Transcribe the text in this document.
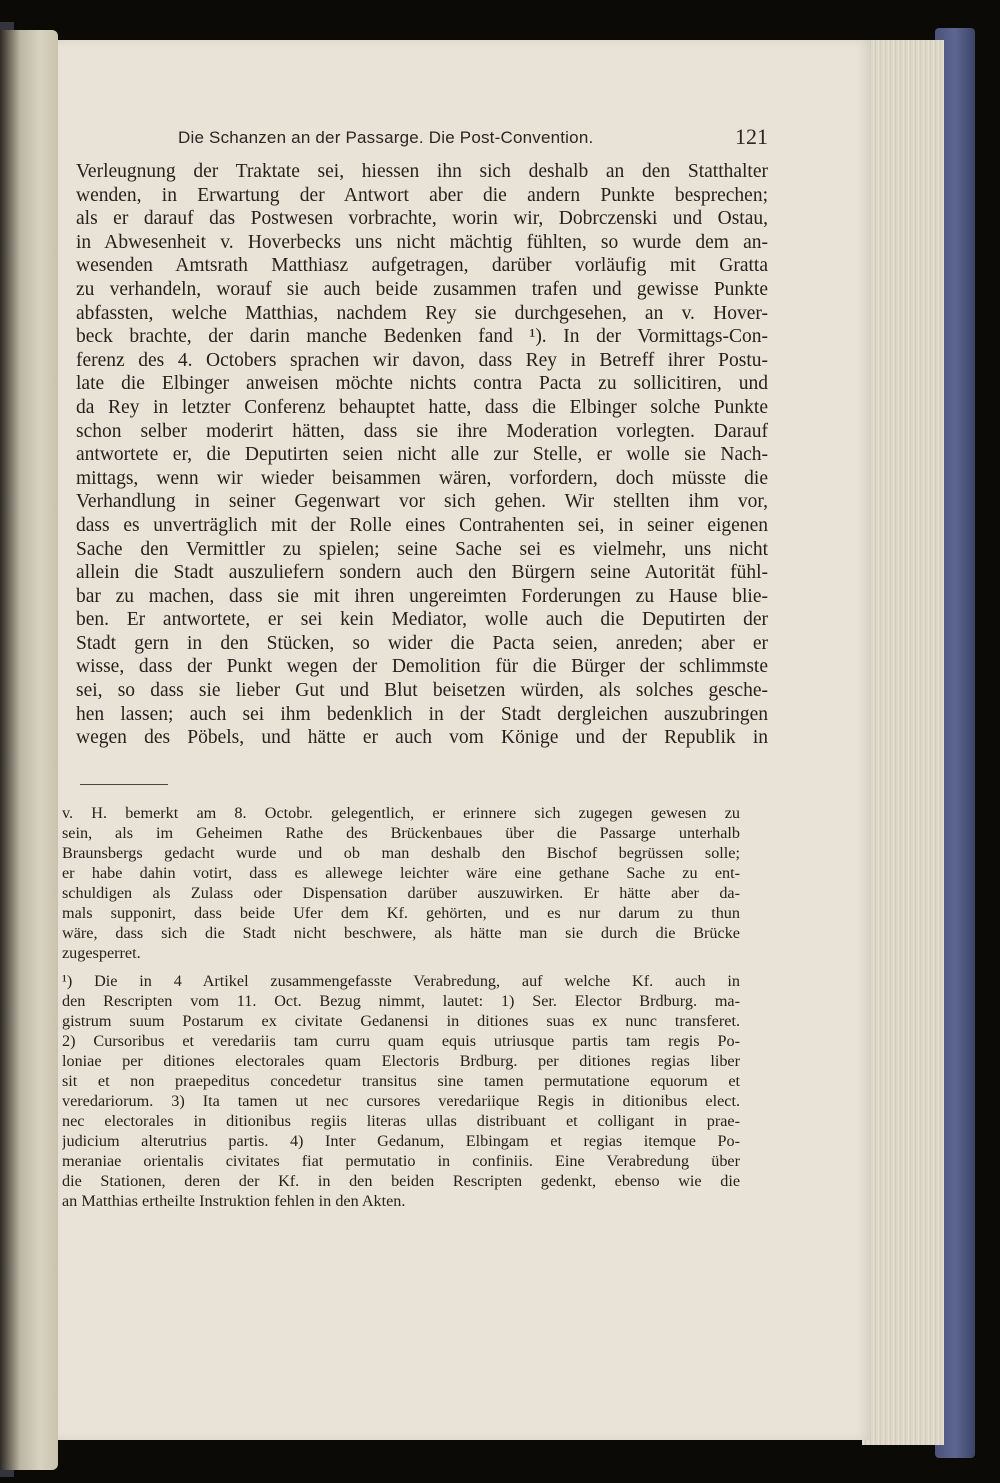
Die Schanzen an der Passarge. Die Post-Convention.	121
Verleugnung der Traktate sei, hiessen ihn sich deshalb an den Statthalter
wenden, in Erwartung der Antwort aber die andern Punkte besprechen;
als er darauf das Postwesen vorbrachte, worin wir, Dobrczenski und Ostau,
in Abwesenheit v. Hoverbecks uns nicht mächtig fühlten, so wurde dem an-
wesenden Amtsrath Matthiasz aufgetragen, darüber vorläufig mit Gratta
zu verhandeln, worauf sie auch beide zusammen trafen und gewisse Punkte
abfassten, welche Matthias, nachdem Rey sie durchgesehen, an v. Hover-
beck brachte, der darin manche Bedenken fand ¹). In der Vormittags-Con-
ferenz des 4. Octobers sprachen wir davon, dass Rey in Betreff ihrer Postu-
late die Elbinger anweisen möchte nichts contra Pacta zu sollicitiren, und
da Rey in letzter Conferenz behauptet hatte, dass die Elbinger solche Punkte
schon selber moderirt hätten, dass sie ihre Moderation vorlegten. Darauf
antwortete er, die Deputirten seien nicht alle zur Stelle, er wolle sie Nach-
mittags, wenn wir wieder beisammen wären, vorfordern, doch müsste die
Verhandlung in seiner Gegenwart vor sich gehen. Wir stellten ihm vor,
dass es unverträglich mit der Rolle eines Contrahenten sei, in seiner eigenen
Sache den Vermittler zu spielen; seine Sache sei es vielmehr, uns nicht
allein die Stadt auszuliefern sondern auch den Bürgern seine Autorität fühl-
bar zu machen, dass sie mit ihren ungereimten Forderungen zu Hause blie-
ben. Er antwortete, er sei kein Mediator, wolle auch die Deputirten der
Stadt gern in den Stücken, so wider die Pacta seien, anreden; aber er
wisse, dass der Punkt wegen der Demolition für die Bürger der schlimmste
sei, so dass sie lieber Gut und Blut beisetzen würden, als solches gesche-
hen lassen; auch sei ihm bedenklich in der Stadt dergleichen auszubringen
wegen des Pöbels, und hätte er auch vom Könige und der Republik in
v. H. bemerkt am 8. Octobr. gelegentlich, er erinnere sich zugegen gewesen zu
sein, als im Geheimen Rathe des Brückenbaues über die Passarge unterhalb
Braunsbergs gedacht wurde und ob man deshalb den Bischof begrüssen solle;
er habe dahin votirt, dass es allewege leichter wäre eine gethane Sache zu ent-
schuldigen als Zulass oder Dispensation darüber auszuwirken. Er hätte aber da-
mals supponirt, dass beide Ufer dem Kf. gehörten, und es nur darum zu thun
wäre, dass sich die Stadt nicht beschwere, als hätte man sie durch die Brücke
zugesperret.
¹) Die in 4 Artikel zusammengefasste Verabredung, auf welche Kf. auch in
den Rescripten vom 11. Oct. Bezug nimmt, lautet: 1) Ser. Elector Brdburg. ma-
gistrum suum Postarum ex civitate Gedanensi in ditiones suas ex nunc transferet.
2) Cursoribus et veredariis tam curru quam equis utriusque partis tam regis Po-
loniae per ditiones electorales quam Electoris Brdburg. per ditiones regias liber
sit et non praepeditus concedetur transitus sine tamen permutatione equorum et
veredariorum. 3) Ita tamen ut nec cursores veredariique Regis in ditionibus elect.
nec electorales in ditionibus regiis literas ullas distribuant et colligant in prae-
judicium alterutrius partis. 4) Inter Gedanum, Elbingam et regias itemque Po-
meraniae orientalis civitates fiat permutatio in confiniis. Eine Verabredung über
die Stationen, deren der Kf. in den beiden Rescripten gedenkt, ebenso wie die
an Matthias ertheilte Instruktion fehlen in den Akten.
